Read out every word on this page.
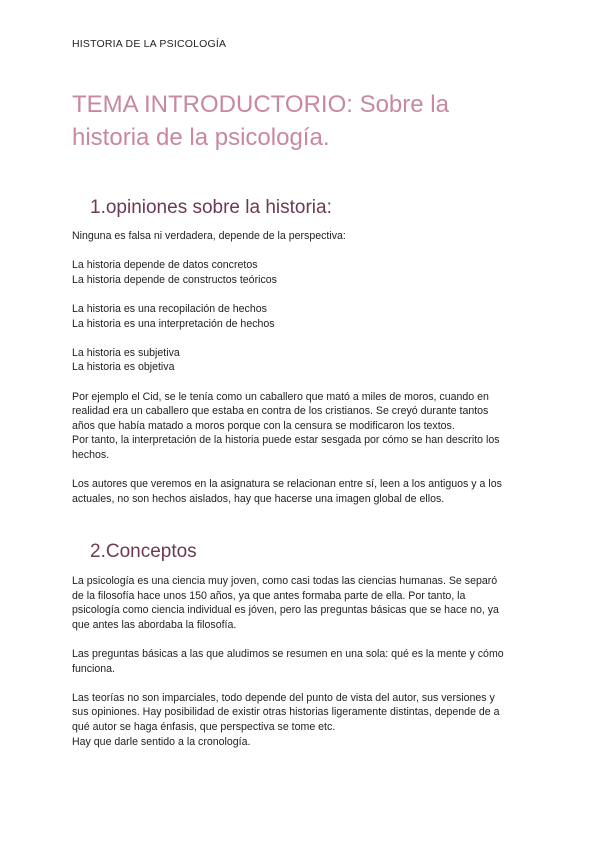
HISTORIA DE LA PSICOLOGÍA
TEMA INTRODUCTORIO: Sobre la
historia de la psicología.
1.opiniones sobre la historia:

Ninguna es falsa ni verdadera, depende de la perspectiva:

La historia depende de datos concretos
La historia depende de constructos teóricos

La historia es una recopilación de hechos
La historia es una interpretación de hechos

La historia es subjetiva
La historia es objetiva

Por ejemplo el Cid, se le tenía como un caballero que mató a miles de moros, cuando en
realidad era un caballero que estaba en contra de los cristianos. Se creyó durante tantos
años que había matado a moros porque con la censura se modificaron los textos.
Por tanto, la interpretación de la historia puede estar sesgada por cómo se han descrito los
hechos.

Los autores que veremos en la asignatura se relacionan entre sí, leen a los antiguos y a los
actuales, no son hechos aislados, hay que hacerse una imagen global de ellos.

2.Conceptos

La psicología es una ciencia muy joven, como casi todas las ciencias humanas. Se separó
de la filosofía hace unos 150 años, ya que antes formaba parte de ella. Por tanto, la
psicología como ciencia individual es jóven, pero las preguntas básicas que se hace no, ya
que antes las abordaba la filosofía.

Las preguntas básicas a las que aludimos se resumen en una sola: qué es la mente y cómo
funciona.

Las teorías no son imparciales, todo depende del punto de vista del autor, sus versiones y
sus opiniones. Hay posibilidad de existir otras historias ligeramente distintas, depende de a
qué autor se haga énfasis, que perspectiva se tome etc.
Hay que darle sentido a la cronología.
